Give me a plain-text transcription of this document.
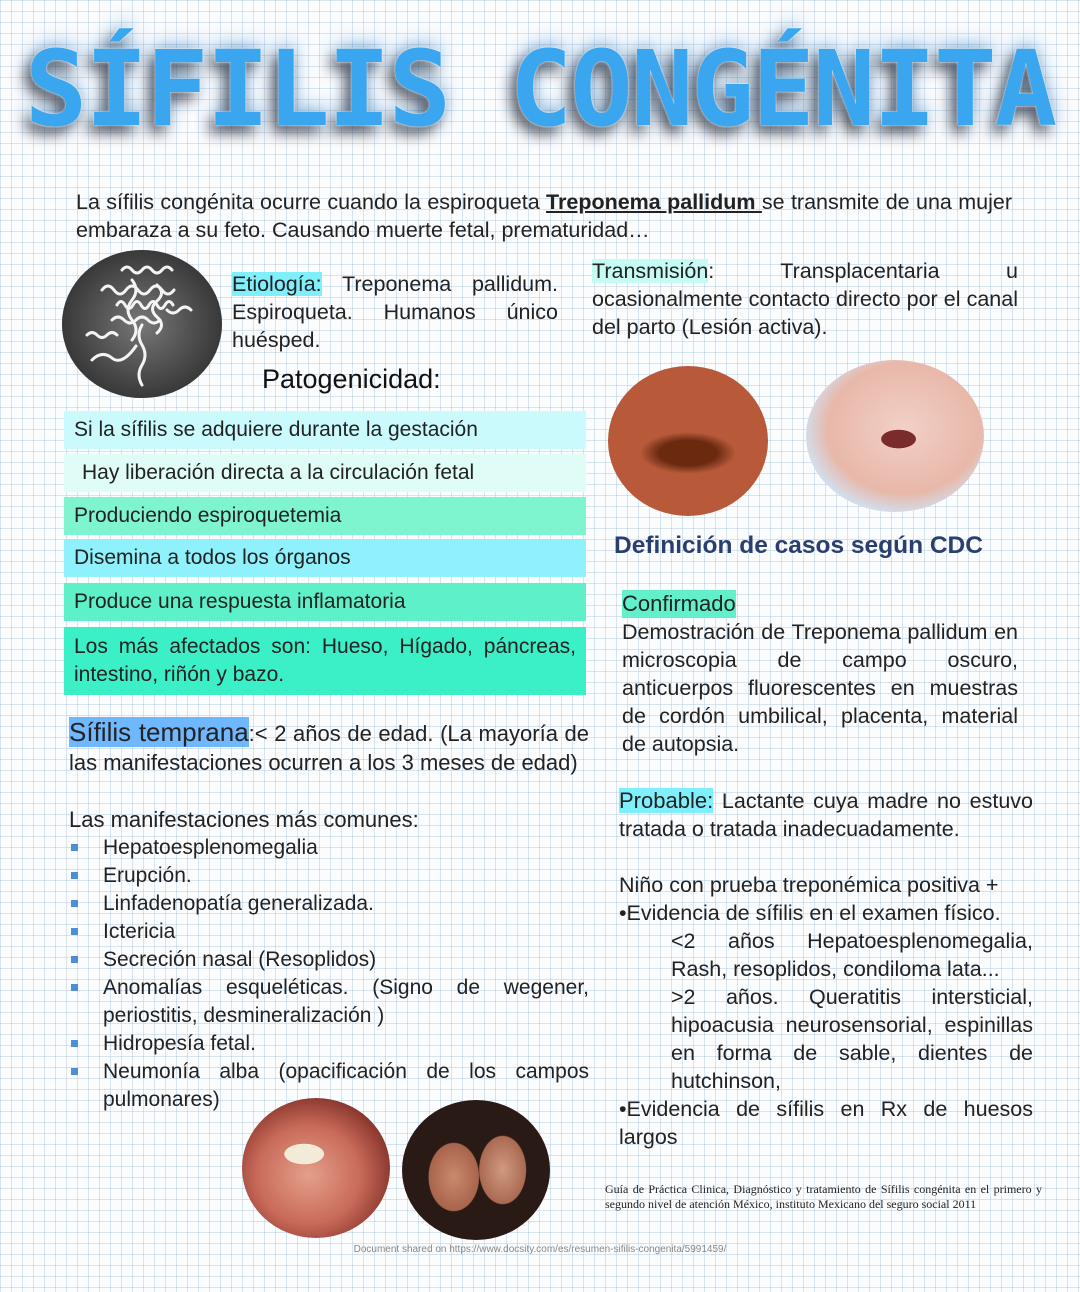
SÍFILIS CONGÉNITA
La sífilis congénita ocurre cuando la espiroqueta Treponema pallidum se transmite de una mujer embaraza a su feto. Causando muerte fetal, prematuridad…
Etiología: Treponema pallidum. Espiroqueta. Humanos único huésped.
Transmisión: Transplacentaria u ocasionalmente contacto directo por el canal del parto (Lesión activa).
Patogenicidad:
Si la sífilis se adquiere durante la gestación
Hay liberación directa a la circulación fetal
Produciendo espiroquetemia
Disemina a todos los órganos
Produce una respuesta inflamatoria
Los más afectados son: Hueso, Hígado, páncreas, intestino, riñón y bazo.
Sífilis temprana:< 2 años de edad. (La mayoría de las manifestaciones ocurren a los 3 meses de edad)
Las manifestaciones más comunes:
Hepatoesplenomegalia
Erupción.
Linfadenopatía generalizada.
Ictericia
Secreción nasal (Resoplidos)
Anomalías esqueléticas. (Signo de wegener, periostitis, desmineralización )
Hidropesía fetal.
Neumonía alba (opacificación de los campos pulmonares)
Definición de casos según CDC
Confirmado
Demostración de Treponema pallidum en microscopia de campo oscuro, anticuerpos fluorescentes en muestras de cordón umbilical, placenta, material de autopsia.
Probable: Lactante cuya madre no estuvo tratada o tratada inadecuadamente.
Niño con prueba treponémica positiva +
•Evidencia de sífilis en el examen físico.
<2 años Hepatoesplenomegalia, Rash, resoplidos, condiloma lata...
>2 años. Queratitis intersticial, hipoacusia neurosensorial, espinillas en forma de sable, dientes de hutchinson,
•Evidencia de sífilis en Rx de huesos largos
Guía de Práctica Clinica, Diagnóstico y tratamiento de Sífilis congénita en el primero y segundo nivel de atención México, instituto Mexicano del seguro social 2011
Document shared on https://www.docsity.com/es/resumen-sifilis-congenita/5991459/
